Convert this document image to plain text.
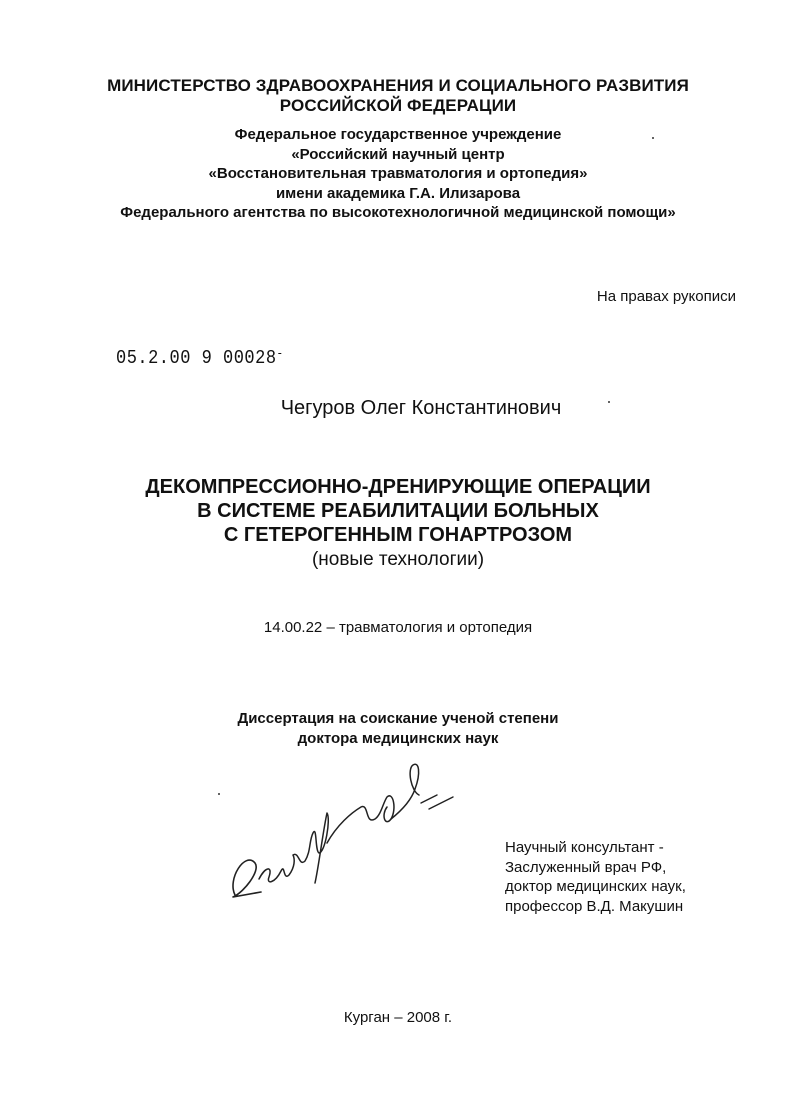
МИНИСТЕРСТВО ЗДРАВООХРАНЕНИЯ И СОЦИАЛЬНОГО РАЗВИТИЯ
РОССИЙСКОЙ ФЕДЕРАЦИИ
Федеральное государственное учреждение
«Российский научный центр
«Восстановительная травматология и ортопедия»
имени академика Г.А. Илизарова
Федерального агентства по высокотехнологичной медицинской помощи»
На правах рукописи
05.2.00 9 00028-
Чегуров Олег Константинович
ДЕКОМПРЕССИОННО-ДРЕНИРУЮЩИЕ ОПЕРАЦИИ
В СИСТЕМЕ РЕАБИЛИТАЦИИ БОЛЬНЫХ
С ГЕТЕРОГЕННЫМ ГОНАРТРОЗОМ
(новые технологии)
14.00.22 – травматология и ортопедия
Диссертация на соискание ученой степени
доктора медицинских наук
Научный консультант -
Заслуженный врач РФ,
доктор медицинских наук,
профессор В.Д. Макушин
Курган – 2008 г.
